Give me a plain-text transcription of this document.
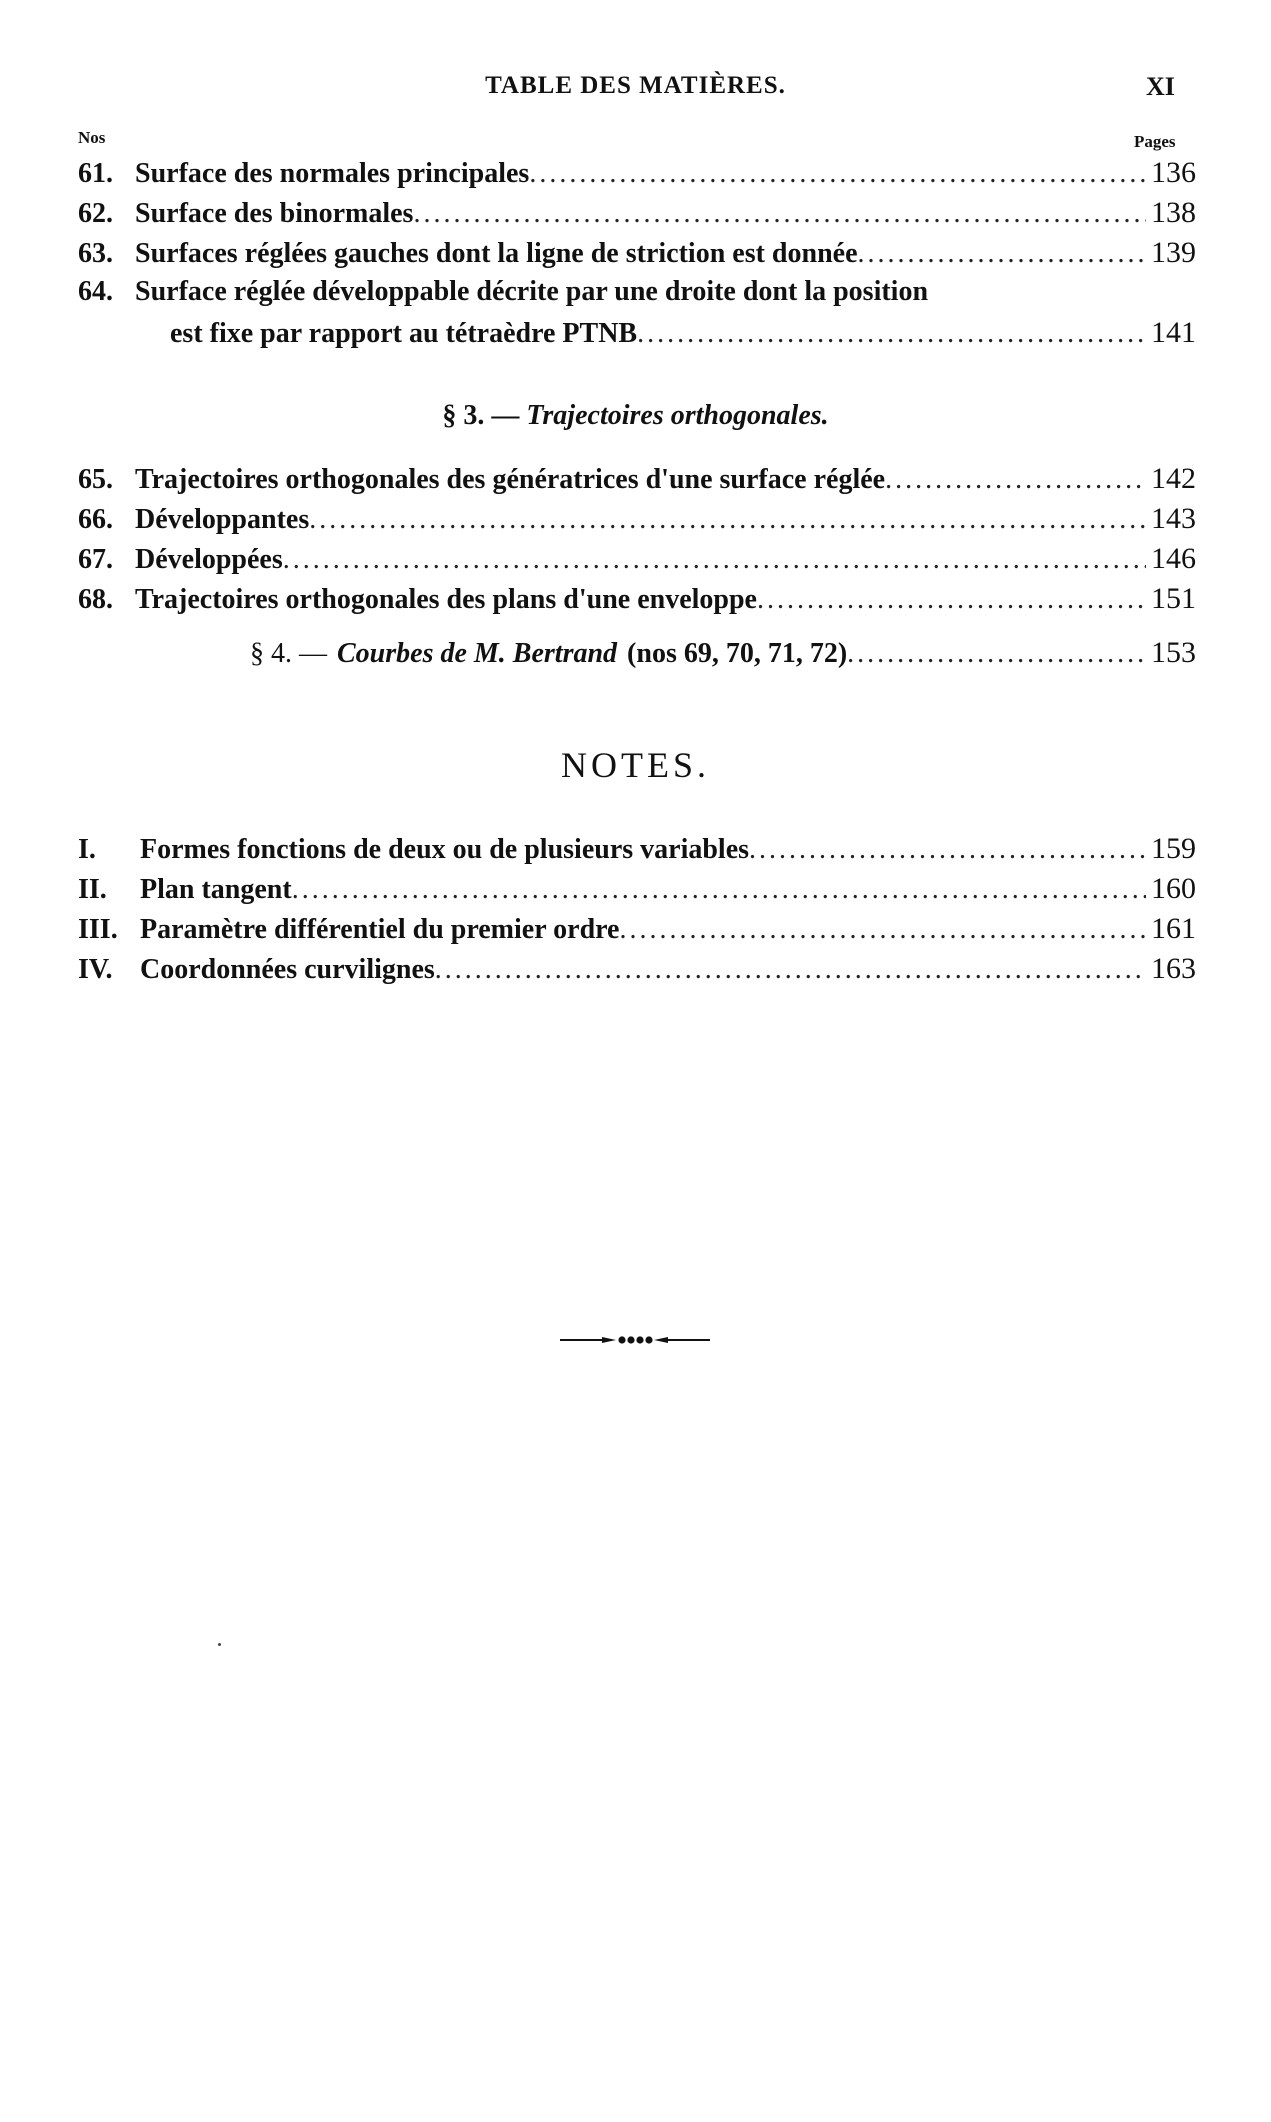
TABLE DES MATIÈRES.	XI
Nos	Pages
61. Surface des normales principales .....	136
62. Surface des binormales .....	138
63. Surfaces réglées gauches dont la ligne de striction est donnée .....	139
64. Surface réglée développable décrite par une droite dont la position
est fixe par rapport au tétraèdre PTNB .....	141
§ 3. — Trajectoires orthogonales.
65. Trajectoires orthogonales des génératrices d'une surface réglée .....	142
66. Développantes .....	143
67. Développées .....	146
68. Trajectoires orthogonales des plans d'une enveloppe .....	151
§ 4. — Courbes de M. Bertrand (nos 69, 70, 71, 72) .....	153
NOTES.
I.	Formes fonctions de deux ou de plusieurs variables .....	159
II.	Plan tangent .....	160
III. Paramètre différentiel du premier ordre .....	161
IV. Coordonnées curvilignes .....	163
